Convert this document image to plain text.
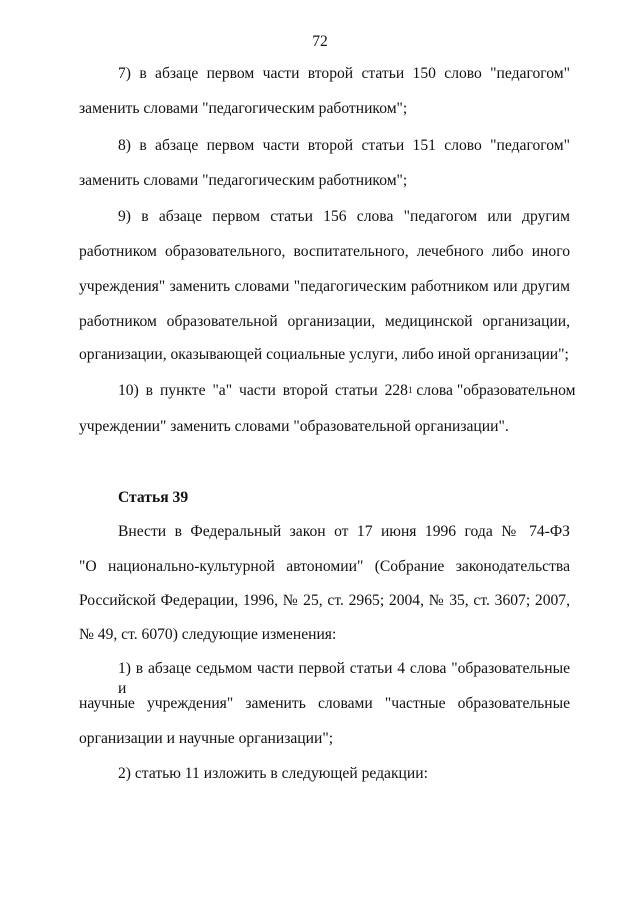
72
7) в абзаце первом части второй статьи 150 слово "педагогом"
заменить словами "педагогическим работником";
8) в абзаце первом части второй статьи 151 слово "педагогом"
заменить словами "педагогическим работником";
9) в абзаце первом статьи 156 слова "педагогом или другим
работником образовательного, воспитательного, лечебного либо иного
учреждения" заменить словами "педагогическим работником или другим
работником образовательной организации, медицинской организации,
организации, оказывающей социальные услуги, либо иной организации";
10) в пункте "а" части второй статьи $228^1$ слова "образовательном
учреждении" заменить словами "образовательной организации".
Статья 39
Внести в Федеральный закон от 17 июня 1996 года № 74-ФЗ
"О национально-культурной автономии" (Собрание законодательства
Российской Федерации, 1996, № 25, ст. 2965; 2004, № 35, ст. 3607; 2007,
№ 49, ст. 6070) следующие изменения:
1) в абзаце седьмом части первой статьи 4 слова "образовательные и
научные учреждения" заменить словами "частные образовательные
организации и научные организации";
2) статью 11 изложить в следующей редакции:
